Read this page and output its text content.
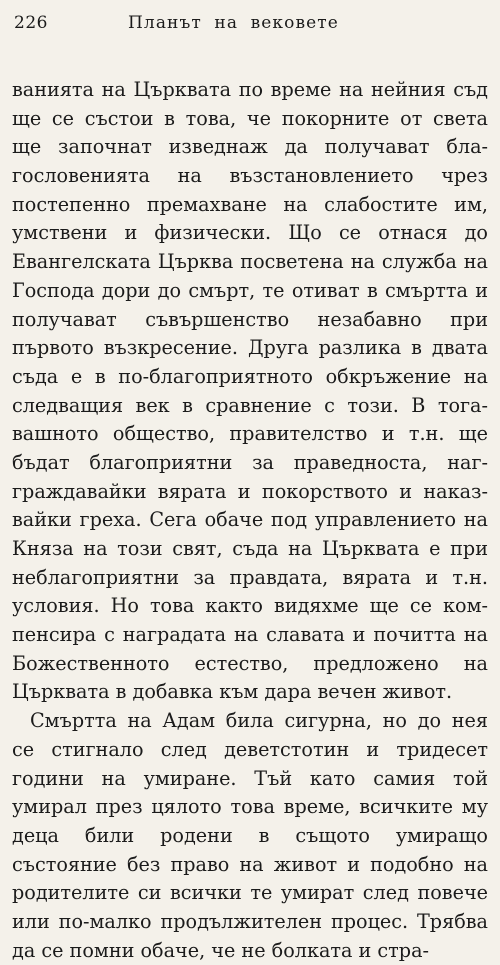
226	Планът на вековете
ванията на Църквата по време на нейния съд
ще се състои в това, че покорните от света
ще започнат изведнаж да получават бла-
гословенията на възстановлението чрез
постепенно премахване на слабостите им,
умствени и физически. Що се отнася до
Евангелската Църква посветена на служба на
Господа дори до смърт, те отиват в смъртта и
получават съвършенство незабавно при
първото възкресение. Друга разлика в двата
съда е в по-благоприятното обкръжение на
следващия век в сравнение с този. В тога-
вашното общество, правителство и т.н. ще
бъдат благоприятни за праведноста, наг-
граждавайки вярата и покорството и наказ-
вайки греха. Сега обаче под управлението на
Княза на този свят, съда на Църквата е при
неблагоприятни за правдата, вярата и т.н.
условия. Но това както видяхме ще се ком-
пенсира с наградата на славата и почитта на
Божественното естество, предложено на
Църквата в добавка към дара вечен живот.
Смъртта на Адам била сигурна, но до нея
се стигнало след деветстотин и тридесет
години на умиране. Тъй като самия той
умирал през цялото това време, всичките му
деца били родени в същото умиращо
състояние без право на живот и подобно на
родителите си всички те умират след повече
или по-малко продължителен процес. Трябва
да се помни обаче, че не болката и стра-
